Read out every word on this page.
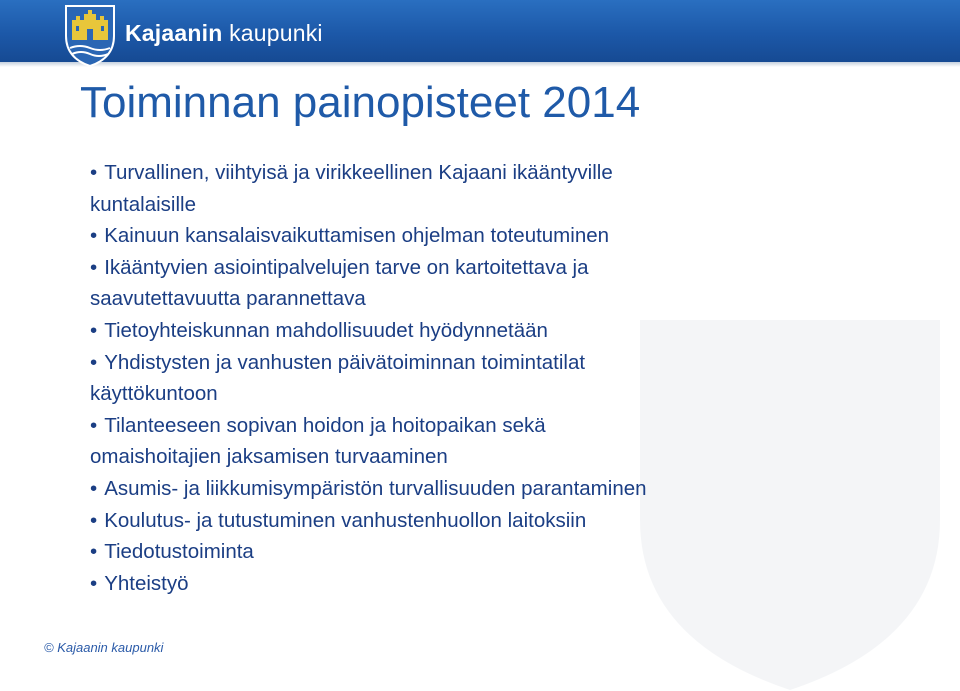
Kajaanin kaupunki
Toiminnan painopisteet 2014
• Turvallinen, viihtyisä ja virikkeellinen Kajaani ikääntyville
kuntalaisille
• Kainuun kansalaisvaikuttamisen ohjelman toteutuminen
• Ikääntyvien asiointipalvelujen tarve on kartoitettava ja
saavutettavuutta parannettava
• Tietoyhteiskunnan mahdollisuudet hyödynnetään
• Yhdistysten ja vanhusten päivätoiminnan toimintatilat
käyttökuntoon
• Tilanteeseen sopivan hoidon ja hoitopaikan sekä
omaishoitajien jaksamisen turvaaminen
• Asumis- ja liikkumisympäristön turvallisuuden parantaminen
• Koulutus- ja tutustuminen vanhustenhuollon laitoksiin
• Tiedotustoiminta
• Yhteistyö
© Kajaanin kaupunki
